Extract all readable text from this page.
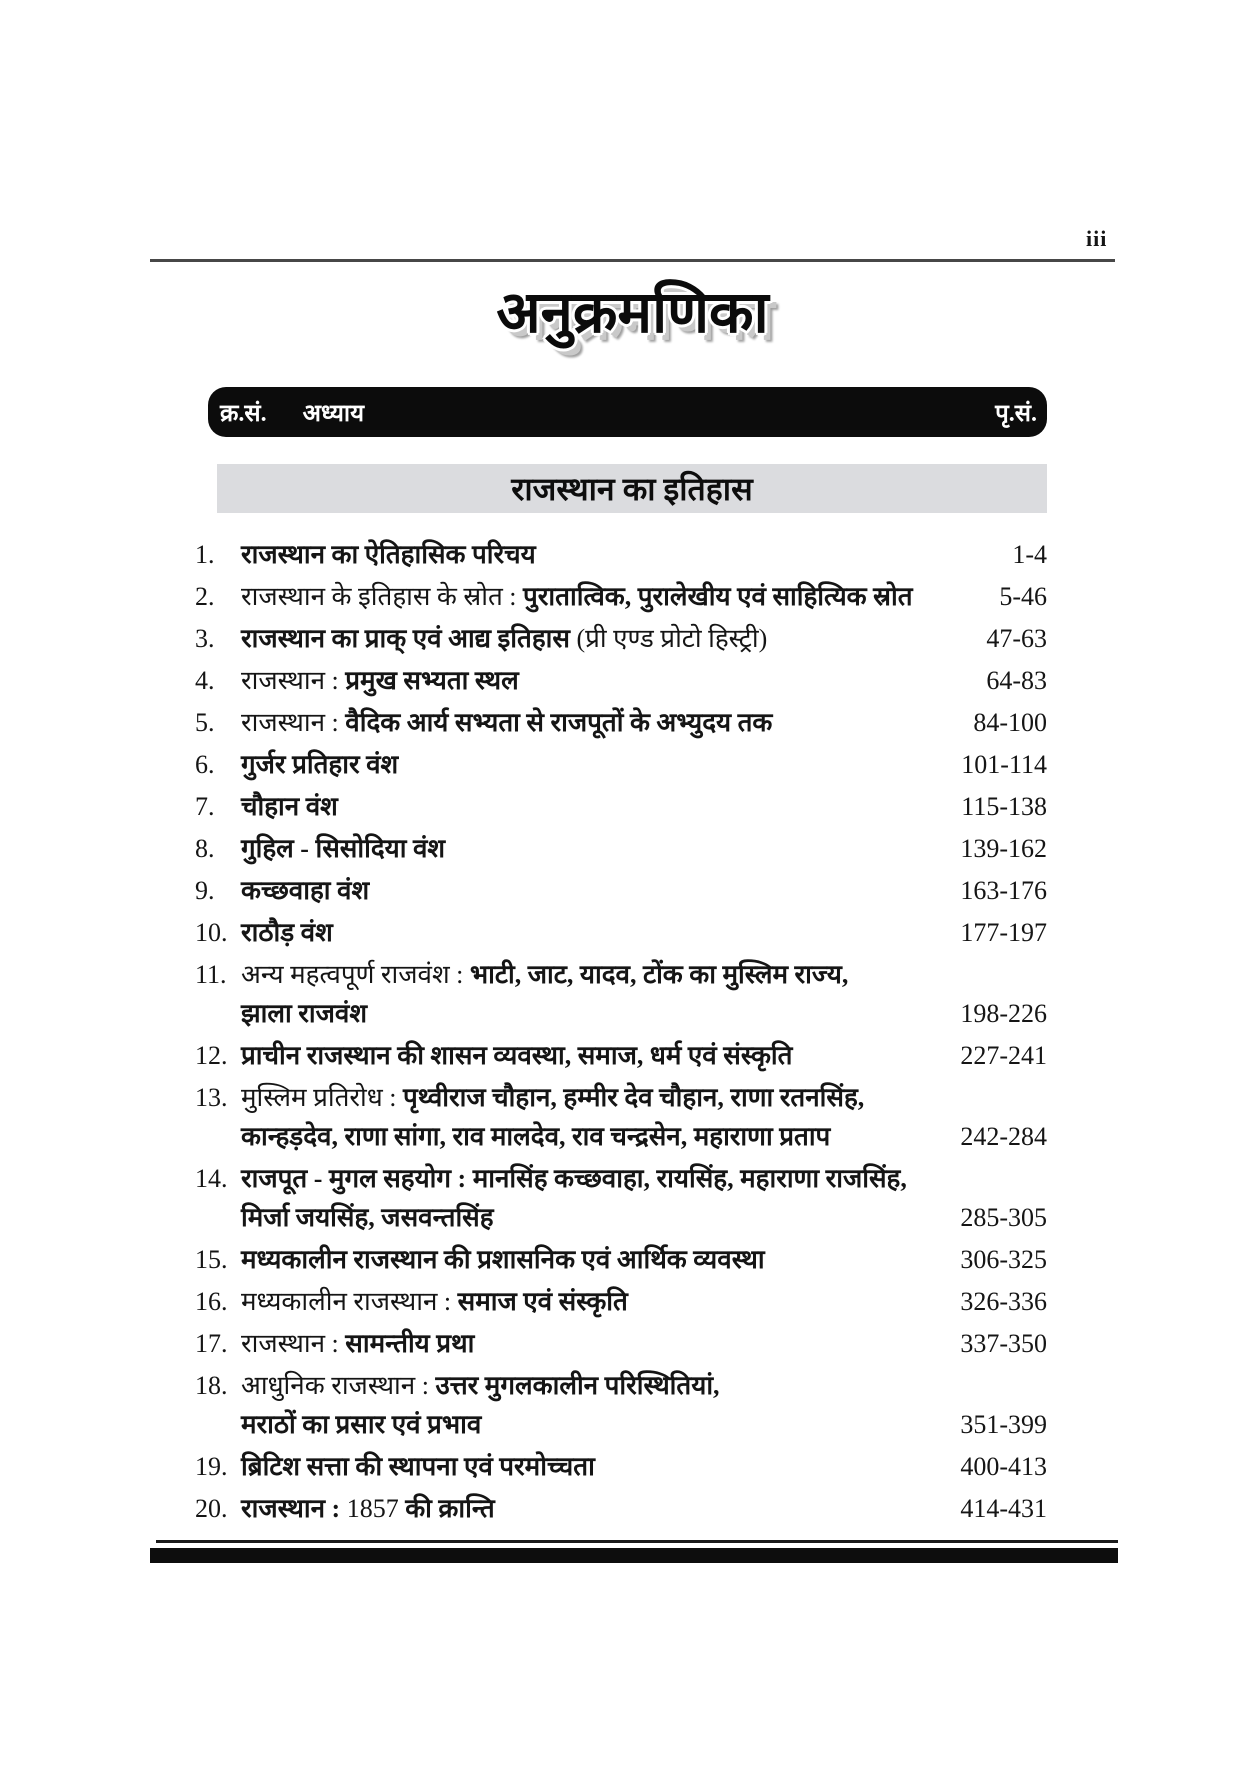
iii
अनुक्रमणिका
क्र.सं. अध्याय	पृ.सं.
राजस्थान का इतिहास
1.	राजस्थान का ऐतिहासिक परिचय	1-4
2.	राजस्थान के इतिहास के स्रोत : पुरातात्विक, पुरालेखीय एवं साहित्यिक स्रोत	5-46
3.	राजस्थान का प्राक् एवं आद्य इतिहास (प्री एण्ड प्रोटो हिस्ट्री)	47-63
4.	राजस्थान : प्रमुख सभ्यता स्थल	64-83
5.	राजस्थान : वैदिक आर्य सभ्यता से राजपूतों के अभ्युदय तक	84-100
6.	गुर्जर प्रतिहार वंश	101-114
7.	चौहान वंश	115-138
8.	गुहिल - सिसोदिया वंश	139-162
9.	कच्छवाहा वंश	163-176
10. राठौड़ वंश	177-197
11. अन्य महत्वपूर्ण राजवंश : भाटी, जाट, यादव, टोंक का मुस्लिम राज्य,
झाला राजवंश	198-226
12. प्राचीन राजस्थान की शासन व्यवस्था, समाज, धर्म एवं संस्कृति	227-241
13. मुस्लिम प्रतिरोध : पृथ्वीराज चौहान, हम्मीर देव चौहान, राणा रतनसिंह,
कान्हड़देव, राणा सांगा, राव मालदेव, राव चन्द्रसेन, महाराणा प्रताप	242-284
14. राजपूत - मुगल सहयोग : मानसिंह कच्छवाहा, रायसिंह, महाराणा राजसिंह,
मिर्जा जयसिंह, जसवन्तसिंह	285-305
15. मध्यकालीन राजस्थान की प्रशासनिक एवं आर्थिक व्यवस्था	306-325
16. मध्यकालीन राजस्थान : समाज एवं संस्कृति	326-336
17. राजस्थान : सामन्तीय प्रथा	337-350
18. आधुनिक राजस्थान : उत्तर मुगलकालीन परिस्थितियां,
मराठों का प्रसार एवं प्रभाव	351-399
19. ब्रिटिश सत्ता की स्थापना एवं परमोच्चता	400-413
20. राजस्थान : 1857 की क्रान्ति	414-431
